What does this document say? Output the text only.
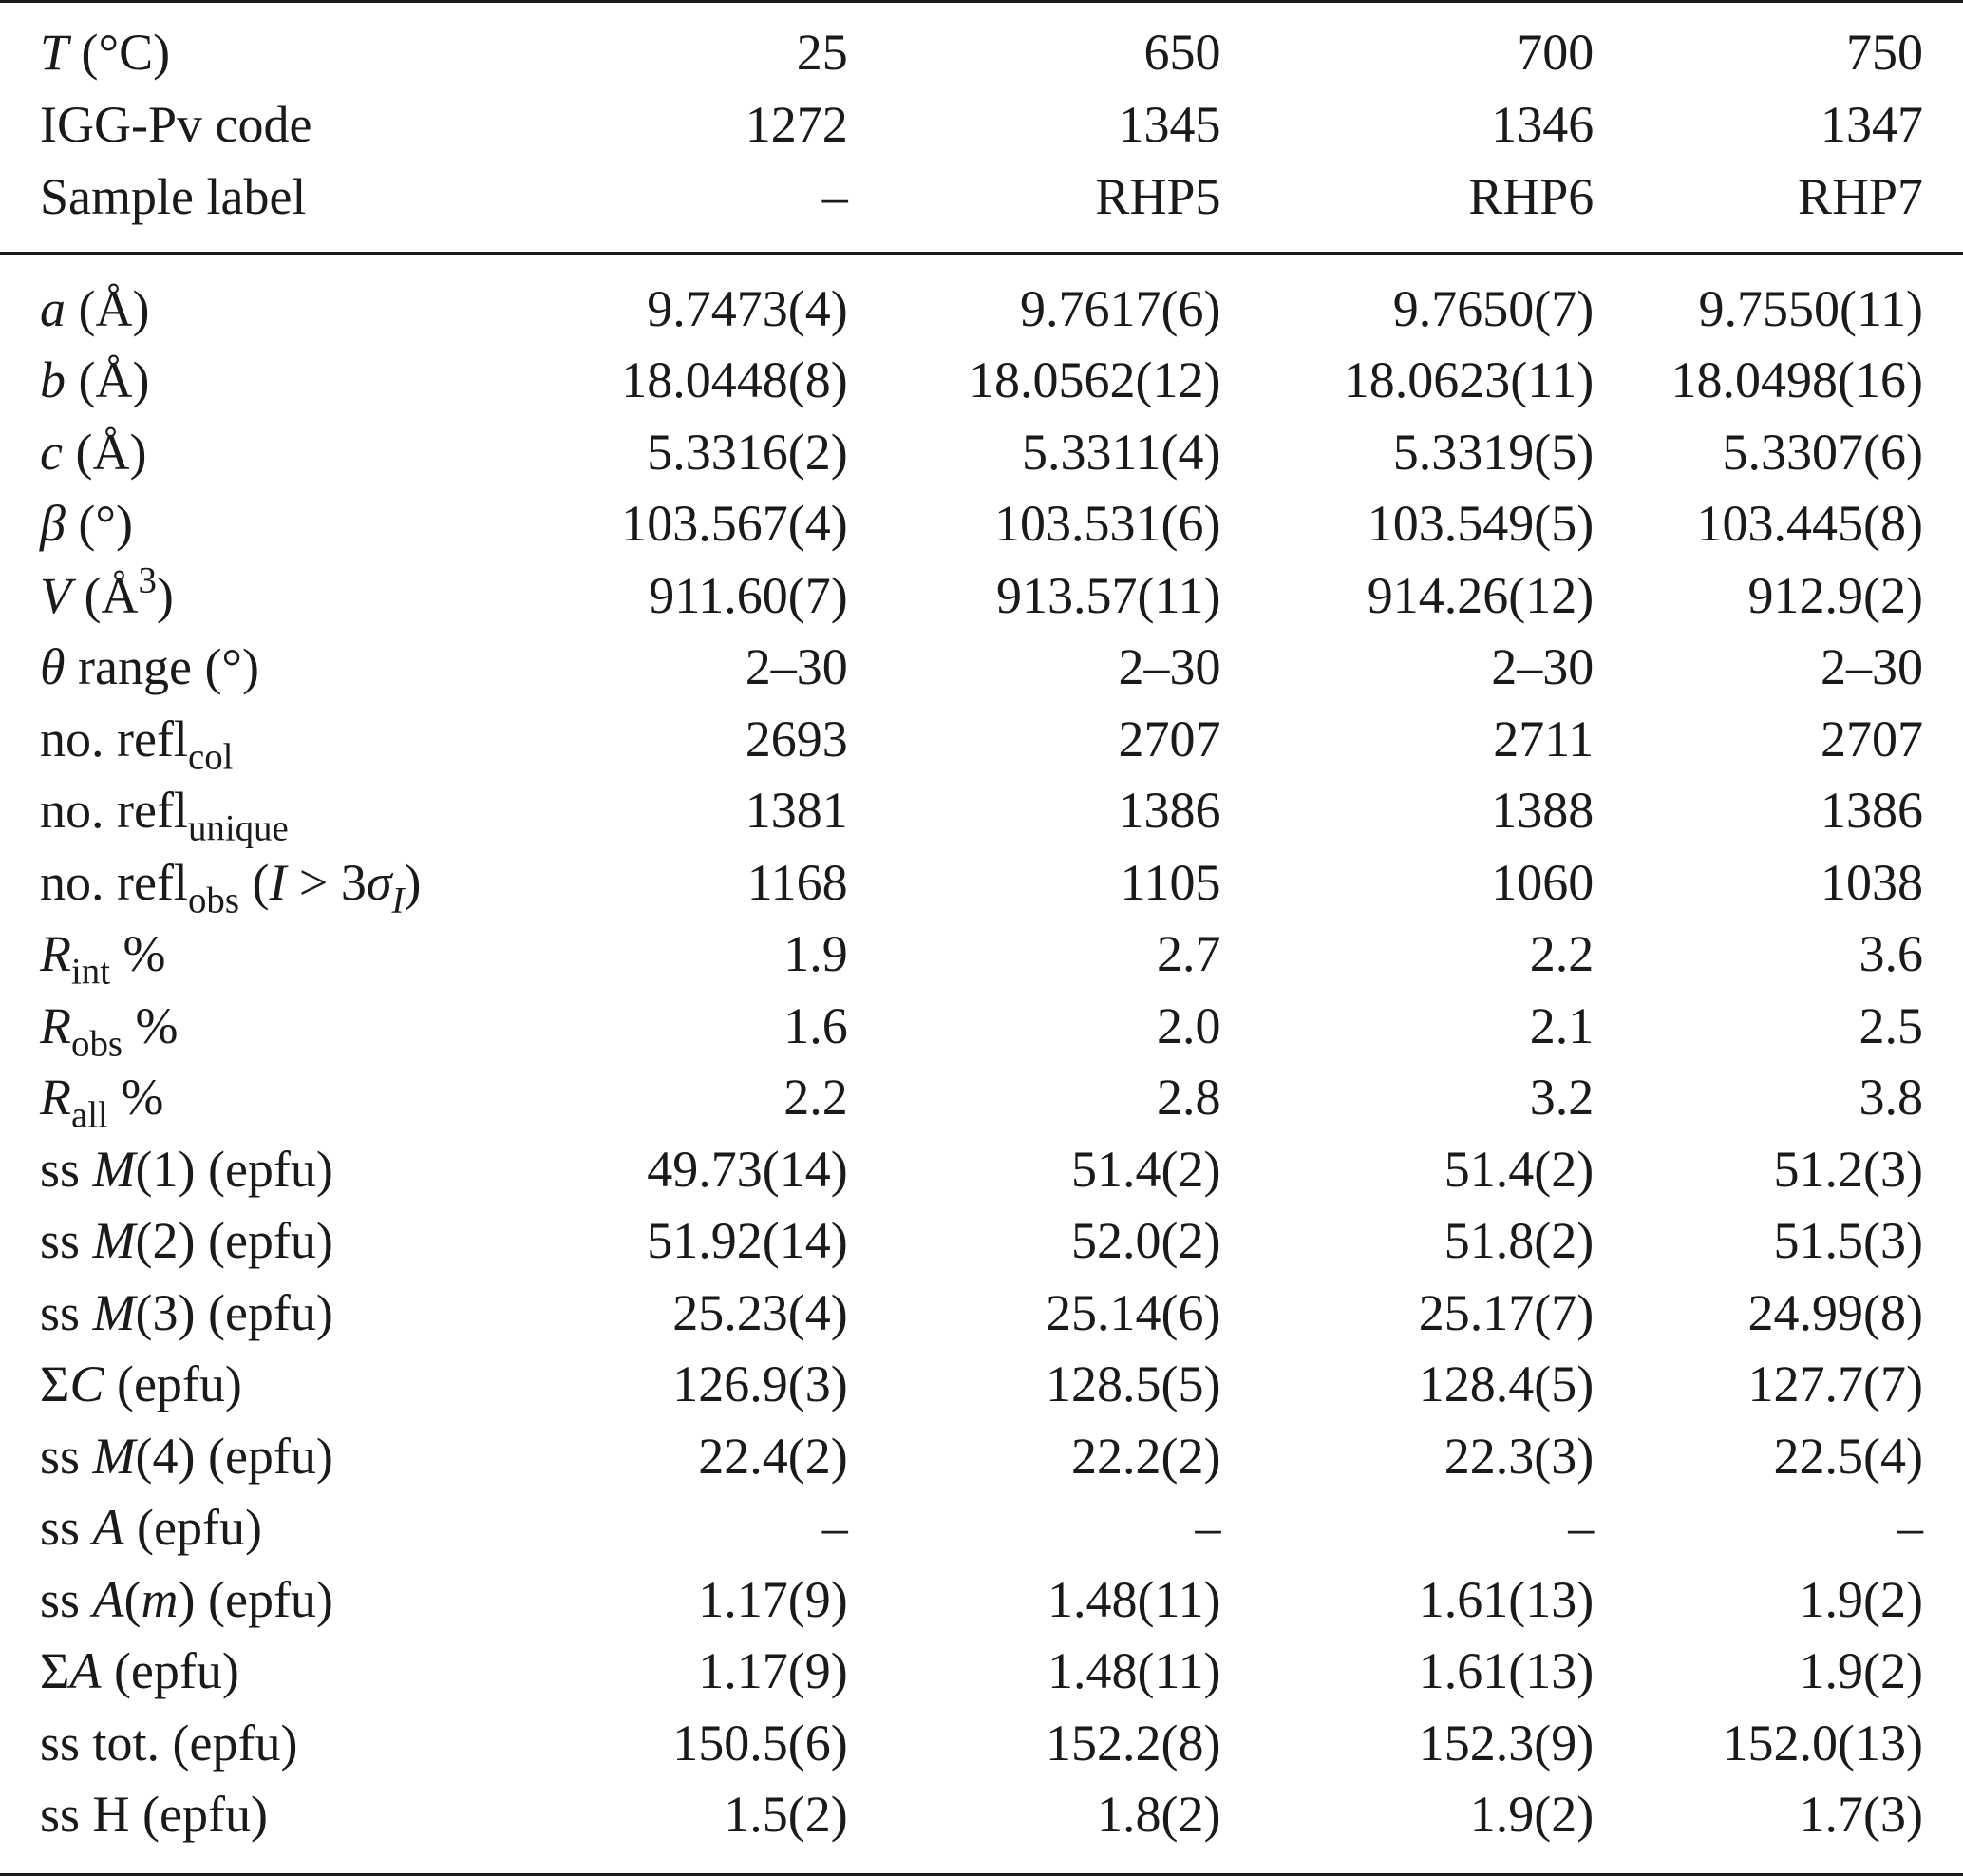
T (°C)	25	650	700	750
IGG-Pv code	1272	1345	1346	1347
Sample label	–	RHP5	RHP6	RHP7
a (Å)	9.7473(4)	9.7617(6)	9.7650(7)	9.7550(11)
b (Å)	18.0448(8)	18.0562(12)	18.0623(11)	18.0498(16)
c (Å)	5.3316(2)	5.3311(4)	5.3319(5)	5.3307(6)
β (°)	103.567(4)	103.531(6)	103.549(5)	103.445(8)
V $(Å^3)$	911.60(7)	913.57(11)	914.26(12)	912.9(2)
θ range (°)	2–30	2–30	2–30	2–30
no. refl$_{col}$	2693	2707	2711	2707
no. refl$_{unique}$	1381	1386	1388	1386
no. refl$_{obs}$ $(I > 3\sigma_I)$	1168	1105	1060	1038
$R_{int}$ %	1.9	2.7	2.2	3.6
$R_{obs}$ %	1.6	2.0	2.1	2.5
$R_{all}$ %	2.2	2.8	3.2	3.8
ss M(1) (epfu)	49.73(14)	51.4(2)	51.4(2)	51.2(3)
ss M(2) (epfu)	51.92(14)	52.0(2)	51.8(2)	51.5(3)
ss M(3) (epfu)	25.23(4)	25.14(6)	25.17(7)	24.99(8)
ΣC (epfu)	126.9(3)	128.5(5)	128.4(5)	127.7(7)
ss M(4) (epfu)	22.4(2)	22.2(2)	22.3(3)	22.5(4)
ss A (epfu)	–	–	–	–
ss A(m) (epfu)	1.17(9)	1.48(11)	1.61(13)	1.9(2)
ΣA (epfu)	1.17(9)	1.48(11)	1.61(13)	1.9(2)
ss tot. (epfu)	150.5(6)	152.2(8)	152.3(9)	152.0(13)
ss H (epfu)	1.5(2)	1.8(2)	1.9(2)	1.7(3)
